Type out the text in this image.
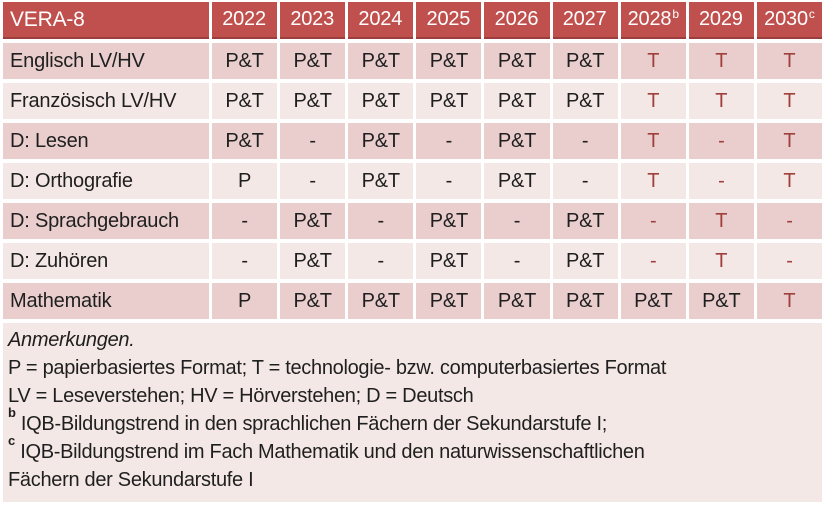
VERA-8	2022 2023 2024 2025 2026 2027 2028$^b$ 2029 2030$^c$
Englisch LV/HV	P&T	P&T	P&T	P&T	P&T	P&T	T	T	T
Französisch LV/HV	P&T	P&T	P&T	P&T	P&T	P&T	T	T	T
D: Lesen	P&T	-	P&T	-	P&T	-	T	-	T
D: Orthografie	P	-	P&T	-	P&T	-	T	-	T
D: Sprachgebrauch	-	P&T	-	P&T	-	P&T	-	T	-
D: Zuhören	-	P&T	-	P&T	-	P&T	-	T	-
Mathematik	P	P&T	P&T	P&T	P&T	P&T	P&T	P&T	T
Anmerkungen.
P = papierbasiertes Format; T = technologie- bzw. computerbasiertes Format
LV = Leseverstehen; HV = Hörverstehen; D = Deutsch
$^b$ IQB-Bildungstrend in den sprachlichen Fächern der Sekundarstufe I;
$^c$ IQB-Bildungstrend im Fach Mathematik und den naturwissenschaftlichen
Fächern der Sekundarstufe I
